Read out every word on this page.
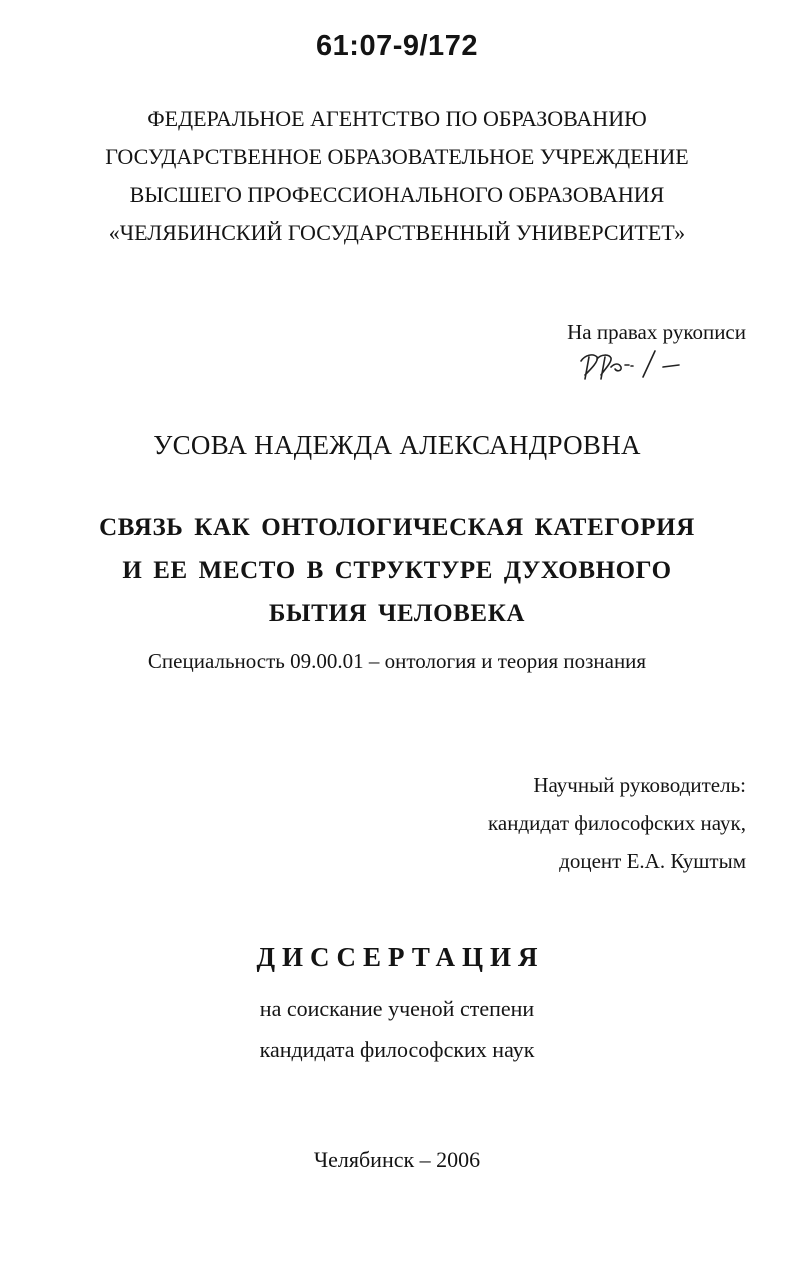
61:07-9/172
ФЕДЕРАЛЬНОЕ АГЕНТСТВО ПО ОБРАЗОВАНИЮ
ГОСУДАРСТВЕННОЕ ОБРАЗОВАТЕЛЬНОЕ УЧРЕЖДЕНИЕ
ВЫСШЕГО ПРОФЕССИОНАЛЬНОГО ОБРАЗОВАНИЯ
«ЧЕЛЯБИНСКИЙ ГОСУДАРСТВЕННЫЙ УНИВЕРСИТЕТ»
На правах рукописи
УСОВА НАДЕЖДА АЛЕКСАНДРОВНА
СВЯЗЬ КАК ОНТОЛОГИЧЕСКАЯ КАТЕГОРИЯ
И ЕЕ МЕСТО В СТРУКТУРЕ ДУХОВНОГО
БЫТИЯ ЧЕЛОВЕКА
Специальность 09.00.01 – онтология и теория познания
Научный руководитель:
кандидат философских наук,
доцент Е.А. Куштым
ДИССЕРТАЦИЯ
на соискание ученой степени
кандидата философских наук
Челябинск – 2006
